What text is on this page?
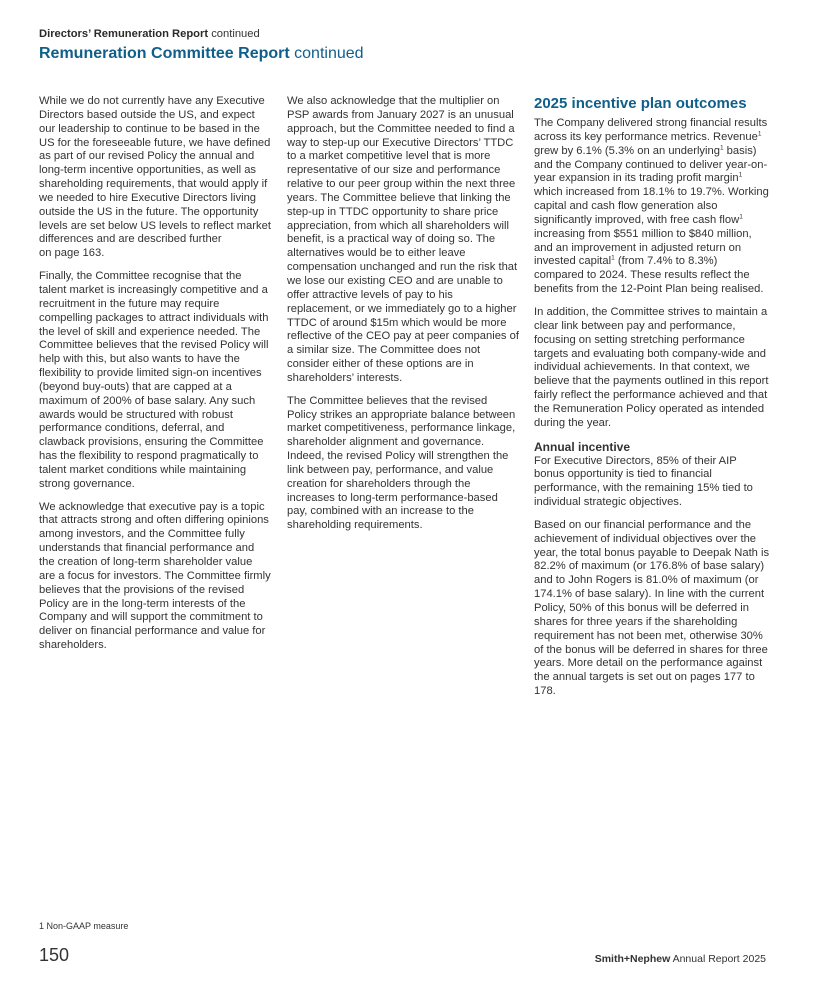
Directors’ Remuneration Report continued
Remuneration Committee Report continued

While we do not currently have any Executive Directors based outside the US, and expect our leadership to continue to be based in the US for the foreseeable future, we have defined as part of our revised Policy the annual and long-term incentive opportunities, as well as shareholding requirements, that would apply if we needed to hire Executive Directors living outside the US in the future. The opportunity levels are set below US levels to reflect market differences and are described further
on page 163.

Finally, the Committee recognise that the talent market is increasingly competitive and a recruitment in the future may require compelling packages to attract individuals with the level of skill and experience needed. The Committee believes that the revised Policy will help with this, but also wants to have the flexibility to provide limited sign-on incentives (beyond buy-outs) that are capped at a maximum of 200% of base salary. Any such awards would be structured with robust performance conditions, deferral, and clawback provisions, ensuring the Committee has the flexibility to respond pragmatically to talent market conditions while maintaining strong governance.

We acknowledge that executive pay is a topic that attracts strong and often differing opinions among investors, and the Committee fully understands that financial performance and the creation of long-term shareholder value are a focus for investors. The Committee firmly believes that the provisions of the revised Policy are in the long-term interests of the Company and will support the commitment to deliver on financial performance and value for shareholders.

We also acknowledge that the multiplier on PSP awards from January 2027 is an unusual approach, but the Committee needed to find a way to step-up our Executive Directors’ TTDC to a market competitive level that is more representative of our size and performance relative to our peer group within the next three years. The Committee believe that linking the step-up in TTDC opportunity to share price appreciation, from which all shareholders will benefit, is a practical way of doing so. The alternatives would be to either leave compensation unchanged and run the risk that we lose our existing CEO and are unable to offer attractive levels of pay to his replacement, or we immediately go to a higher TTDC of around $15m which would be more reflective of the CEO pay at peer companies of a similar size. The Committee does not consider either of these options are in shareholders’ interests.

The Committee believes that the revised Policy strikes an appropriate balance between market competitiveness, performance linkage, shareholder alignment and governance. Indeed, the revised Policy will strengthen the link between pay, performance, and value creation for shareholders through the increases to long-term performance-based pay, combined with an increase to the shareholding requirements.

2025 incentive plan outcomes

The Company delivered strong financial results across its key performance metrics. Revenue$^1$ grew by 6.1% (5.3% on an underlying$^1$ basis) and the Company continued to deliver year-on-year expansion in its trading profit margin$^1$ which increased from 18.1% to 19.7%. Working capital and cash flow generation also significantly improved, with free cash flow$^1$ increasing from $551 million to $840 million, and an improvement in adjusted return on invested capital$^1$ (from 7.4% to 8.3%) compared to 2024. These results reflect the benefits from the 12-Point Plan being realised.

In addition, the Committee strives to maintain a clear link between pay and performance, focusing on setting stretching performance targets and evaluating both company-wide and individual achievements. In that context, we believe that the payments outlined in this report fairly reflect the performance achieved and that the Remuneration Policy operated as intended during the year.

Annual incentive

For Executive Directors, 85% of their AIP bonus opportunity is tied to financial performance, with the remaining 15% tied to individual strategic objectives.

Based on our financial performance and the achievement of individual objectives over the year, the total bonus payable to Deepak Nath is 82.2% of maximum (or 176.8% of base salary) and to John Rogers is 81.0% of maximum (or 174.1% of base salary). In line with the current Policy, 50% of this bonus will be deferred in shares for three years if the shareholding requirement has not been met, otherwise 30% of the bonus will be deferred in shares for three years. More detail on the performance against the annual targets is set out on pages 177 to 178.

1 Non-GAAP measure
150	Smith+Nephew Annual Report 2025
